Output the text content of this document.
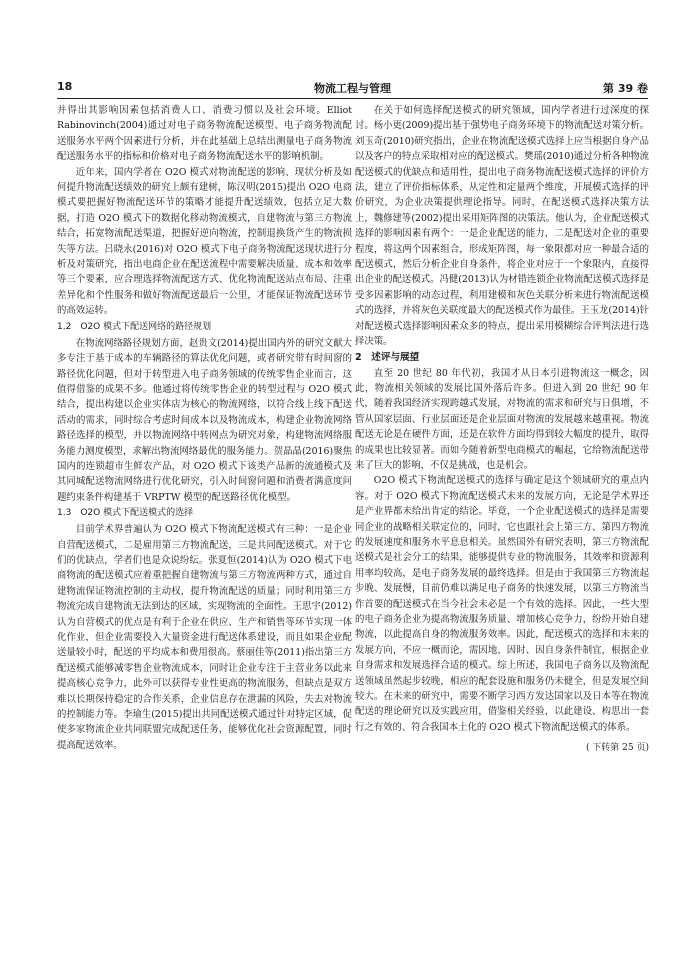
18	物流工程与管理	第 39 卷

并得出其影响因素包括消费人口、消费习惯以及社会环境。Elliot Rabinovinch(2004)通过对电子商务物流配送模型、电子商务物流配送服务水平两个因素进行分析，并在此基础上总结出测量电子商务物流配送服务水平的指标和价格对电子商务物流配送水平的影响机制。

近年来，国内学者在 O2O 模式对物流配送的影响、现状分析及如何提升物流配送绩效的研究上颇有建树，陈汉明(2015)提出 O2O 电商模式要把握好物流配送环节的策略才能提升配送绩效，包括立足大数据，打造 O2O 模式下的数据化移动物流模式，自建物流与第三方物流结合，拓宽物流配送渠道，把握好逆向物流，控制退换货产生的物流损失等方法。吕晓永(2016)对 O2O 模式下电子商务物流配送现状进行分析及对策研究，指出电商企业在配送流程中需要解决质量、成本和效率等三个要素，应合理选择物流配送方式、优化物流配送站点布局、注重差异化和个性服务和做好物流配送最后一公里，才能保证物流配送环节的高效运转。

1.2　O2O 模式下配送网络的路径规划

在物流网络路径规划方面，赵贵文(2014)提出国内外的研究文献大多专注于基于成本的车辆路径的算法优化问题，或者研究带有时间窗的路径优化问题，但对于转型进入电子商务领域的传统零售企业而言，这值得借鉴的成果不多。他通过将传统零售企业的转型过程与 O2O 模式结合，提出构建以企业实体店为核心的物流网络，以符合线上线下配送活动的需求，同时综合考虑时间成本以及物流成本，构建企业物流网络路径选择的模型，并以物流网络中转网点为研究对象，构建物流网络服务能力测度模型，求解出物流网络最优的服务能力。贺晶晶(2016)聚焦国内的连锁超市生鲜农产品，对 O2O 模式下该类产品新的流通模式及其同城配送物流网络进行优化研究，引入时间窗问题和消费者满意度问题约束条件构建基于 VRPTW 模型的配送路径优化模型。

1.3　O2O 模式下配送模式的选择

目前学术界普遍认为 O2O 模式下物流配送模式有三种：一是企业自营配送模式，二是雇用第三方物流配送，三是共同配送模式。对于它们的优缺点，学者们也是众说纷纭。张夏恒(2014)认为 O2O 模式下电商物流的配送模式应着重把握自建物流与第三方物流两种方式，通过自建物流保证物流控制的主动权，提升物流配送的质量；同时利用第三方物流完成自建物流无法到达的区域，实现物流的全面性。王思宇(2012)认为自营模式的优点是有利于企业在供应、生产和销售等环节实现一体化作业，但企业需要投入大量资金进行配送体系建设，而且如果企业配送量较小时，配送的平均成本和费用很高。蔡丽佳等(2011)指出第三方配送模式能够减零售企业物流成本，同时让企业专注于主营业务以此来提高核心竞争力，此外可以获得专业性更高的物流服务，但缺点是双方难以长期保持稳定的合作关系，企业信息存在泄漏的风险，失去对物流的控制能力等。李瑜生(2015)提出共同配送模式通过针对特定区域，促使多家物流企业共同联盟完成配送任务，能够优化社会资源配置，同时提高配送效率。

在关于如何选择配送模式的研究领域，国内学者进行过深度的探讨。杨小更(2009)提出基于强势电子商务环境下的物流配送对策分析。刘玉奇(2010)研究指出，企业在物流配送模式选择上应当根据自身产品以及客户的特点采取相对应的配送模式。樊瑶(2010)通过分析各种物流配送模式的优缺点和适用性，提出电子商务物流配送模式选择的评价方法，建立了评价指标体系，从定性和定量两个维度，开展模式选择的评价研究，为企业决策提供理论指导。同时，在配送模式选择决策方法上，魏修建等(2002)提出采用矩阵图的决策法。他认为，企业配送模式选择的影响因素有两个：一是企业配送的能力，二是配送对企业的重要程度，将这两个因素组合，形成矩阵图，每一象限都对应一种最合适的配送模式，然后分析企业自身条件，将企业对应于一个象限内，直接得出企业的配送模式。冯健(2013)认为材错连锁企业物流配送模式选择是受多因素影响的动态过程，利用建模和灰色关联分析来进行物流配送模式的选择，并将灰色关联度最大的配送模式作为最佳。王玉龙(2014)针对配送模式选择影响因素众多的特点，提出采用模糊综合评判法进行选择决策。

2　述评与展望

直至 20 世纪 80 年代初，我国才从日本引进物流这一概念，因此，物流相关领域的发展比国外落后许多。但进入到 20 世纪 90 年代，随着我国经济实现跨越式发展，对物流的需求和研究与日俱增，不管从国家层面、行业层面还是企业层面对物流的发展越来越重视。物流配送无论是在硬件方面，还是在软件方面均得到较大幅度的提升，取得的成果也比较显著。而如今随着新型电商模式的崛起，它给物流配送带来了巨大的影响，不仅是挑战，也是机会。

O2O 模式下物流配送模式的选择与确定是这个领域研究的重点内容。对于 O2O 模式下物流配送模式未来的发展方向，无论是学术界还是产业界都未给出肯定的结论。毕竟，一个企业配送模式的选择是需要同企业的战略相关联定位的，同时，它也跟社会上第三方、第四方物流的发展速度和服务水平息息相关。虽然国外有研究表明，第三方物流配送模式是社会分工的结果，能够提供专业的物流服务，其效率和资源利用率均较高，是电子商务发展的最终选择。但是由于我国第三方物流起步晚、发展慢，目前仍难以满足电子商务的快速发展，以第三方物流当作首要的配送模式在当今社会未必是一个有效的选择。因此，一些大型的电子商务企业为提高物流服务质量、增加核心竞争力，纷纷开始自建物流，以此提高自身的物流服务效率。因此，配送模式的选择和未来的发展方向，不应一概而论，需因地、因时、因自身条件制宜，根据企业自身需求和发展选择合适的模式。综上所述，我国电子商务以及物流配送领域虽然起步较晚，相应的配套设施和服务仍未健全，但是发展空间较大。在未来的研究中，需要不断学习西方发达国家以及日本等在物流配送的理论研究以及实践应用，借鉴相关经验，以此建设、构思出一套行之有效的、符合我国本土化的 O2O 模式下物流配送模式的体系。

( 下转第 25 页)
